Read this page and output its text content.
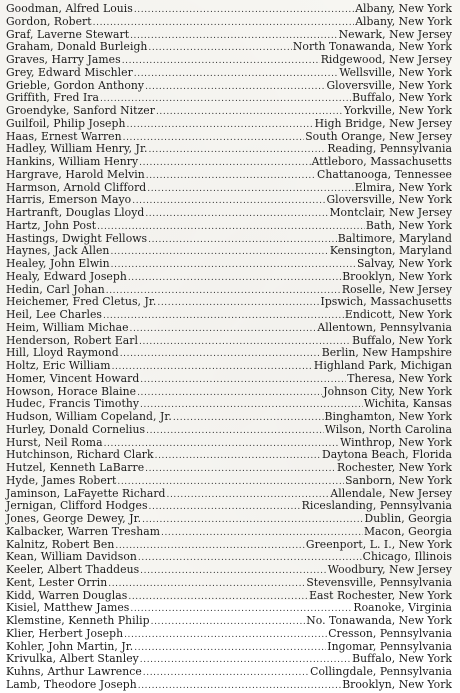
Goodman, Alfred Louis .....	Albany, New York
Gordon, Robert .....	Albany, New York
Graf, Laverne Stewart .....	Newark, New Jersey
Graham, Donald Burleigh .....	North Tonawanda, New York
Graves, Harry James .....	Ridgewood, New Jersey
Grey, Edward Mischler .....	Wellsville, New York
Grieble, Gordon Anthony .....	Gloversville, New York
Griffith, Fred Ira .....	Buffalo, New York
Groendyke, Sanford Nitzer .....	Yorkville, New York
Guilfoil, Philip Joseph .....	High Bridge, New Jersey
Haas, Ernest Warren .....	South Orange, New Jersey
Hadley, William Henry, Jr. .....	Reading, Pennsylvania
Hankins, William Henry .....	Attleboro, Massachusetts
Hargrave, Harold Melvin .....	Chattanooga, Tennessee
Harmson, Arnold Clifford .....	Elmira, New York
Harris, Emerson Mayo .....	Gloversville, New York
Hartranft, Douglas Lloyd .....	Montclair, New Jersey
Hartz, John Post .....	Bath, New York
Hastings, Dwight Fellows .....	Baltimore, Maryland
Haynes, Jack Allen .....	Kensington, Maryland
Healey, John Elwin .....	Salvay, New York
Healy, Edward Joseph .....	Brooklyn, New York
Hedin, Carl Johan .....	Roselle, New Jersey
Heichemer, Fred Cletus, Jr. .....	Ipswich, Massachusetts
Heil, Lee Charles .....	Endicott, New York
Heim, William Michae .....	Allentown, Pennsylvania
Henderson, Robert Earl .....	Buffalo, New York
Hill, Lloyd Raymond .....	Berlin, New Hampshire
Holtz, Eric William .....	Highland Park, Michigan
Homer, Vincent Howard .....	Theresa, New York
Howson, Horace Blaine .....	Johnson City, New York
Hudec, Francis Timothy .....	Wichita, Kansas
Hudson, William Copeland, Jr. .....	Binghamton, New York
Hurley, Donald Cornelius .....	Wilson, North Carolina
Hurst, Neil Roma .....	Winthrop, New York
Hutchinson, Richard Clark .....	Daytona Beach, Florida
Hutzel, Kenneth LaBarre .....	Rochester, New York
Hyde, James Robert .....	Sanborn, New York
Jaminson, LaFayette Richard .....	Allendale, New Jersey
Jernigan, Clifford Hodges .....	Riceslanding, Pennsylvania
Jones, George Dewey, Jr. .....	Dublin, Georgia
Kalbacker, Warren Tresham .....	Macon, Georgia
Kalnitz, Robert Ben .....	Greenport, L. I., New York
Kean, William Davidson .....	Chicago, Illinois
Keeler, Albert Thaddeus .....	Woodbury, New Jersey
Kent, Lester Orrin .....	Stevensville, Pennsylvania
Kidd, Warren Douglas .....	East Rochester, New York
Kisiel, Matthew James .....	Roanoke, Virginia
Klemstine, Kenneth Philip .....	No. Tonawanda, New York
Klier, Herbert Joseph .....	Cresson, Pennsylvania
Kohler, John Martin, Jr. .....	Ingomar, Pennsylvania
Krivulka, Albert Stanley .....	Buffalo, New York
Kuhns, Arthur Lawrence .....	Collingdale, Pennsylvania
Lamb, Theodore Joseph .....	Brooklyn, New York
